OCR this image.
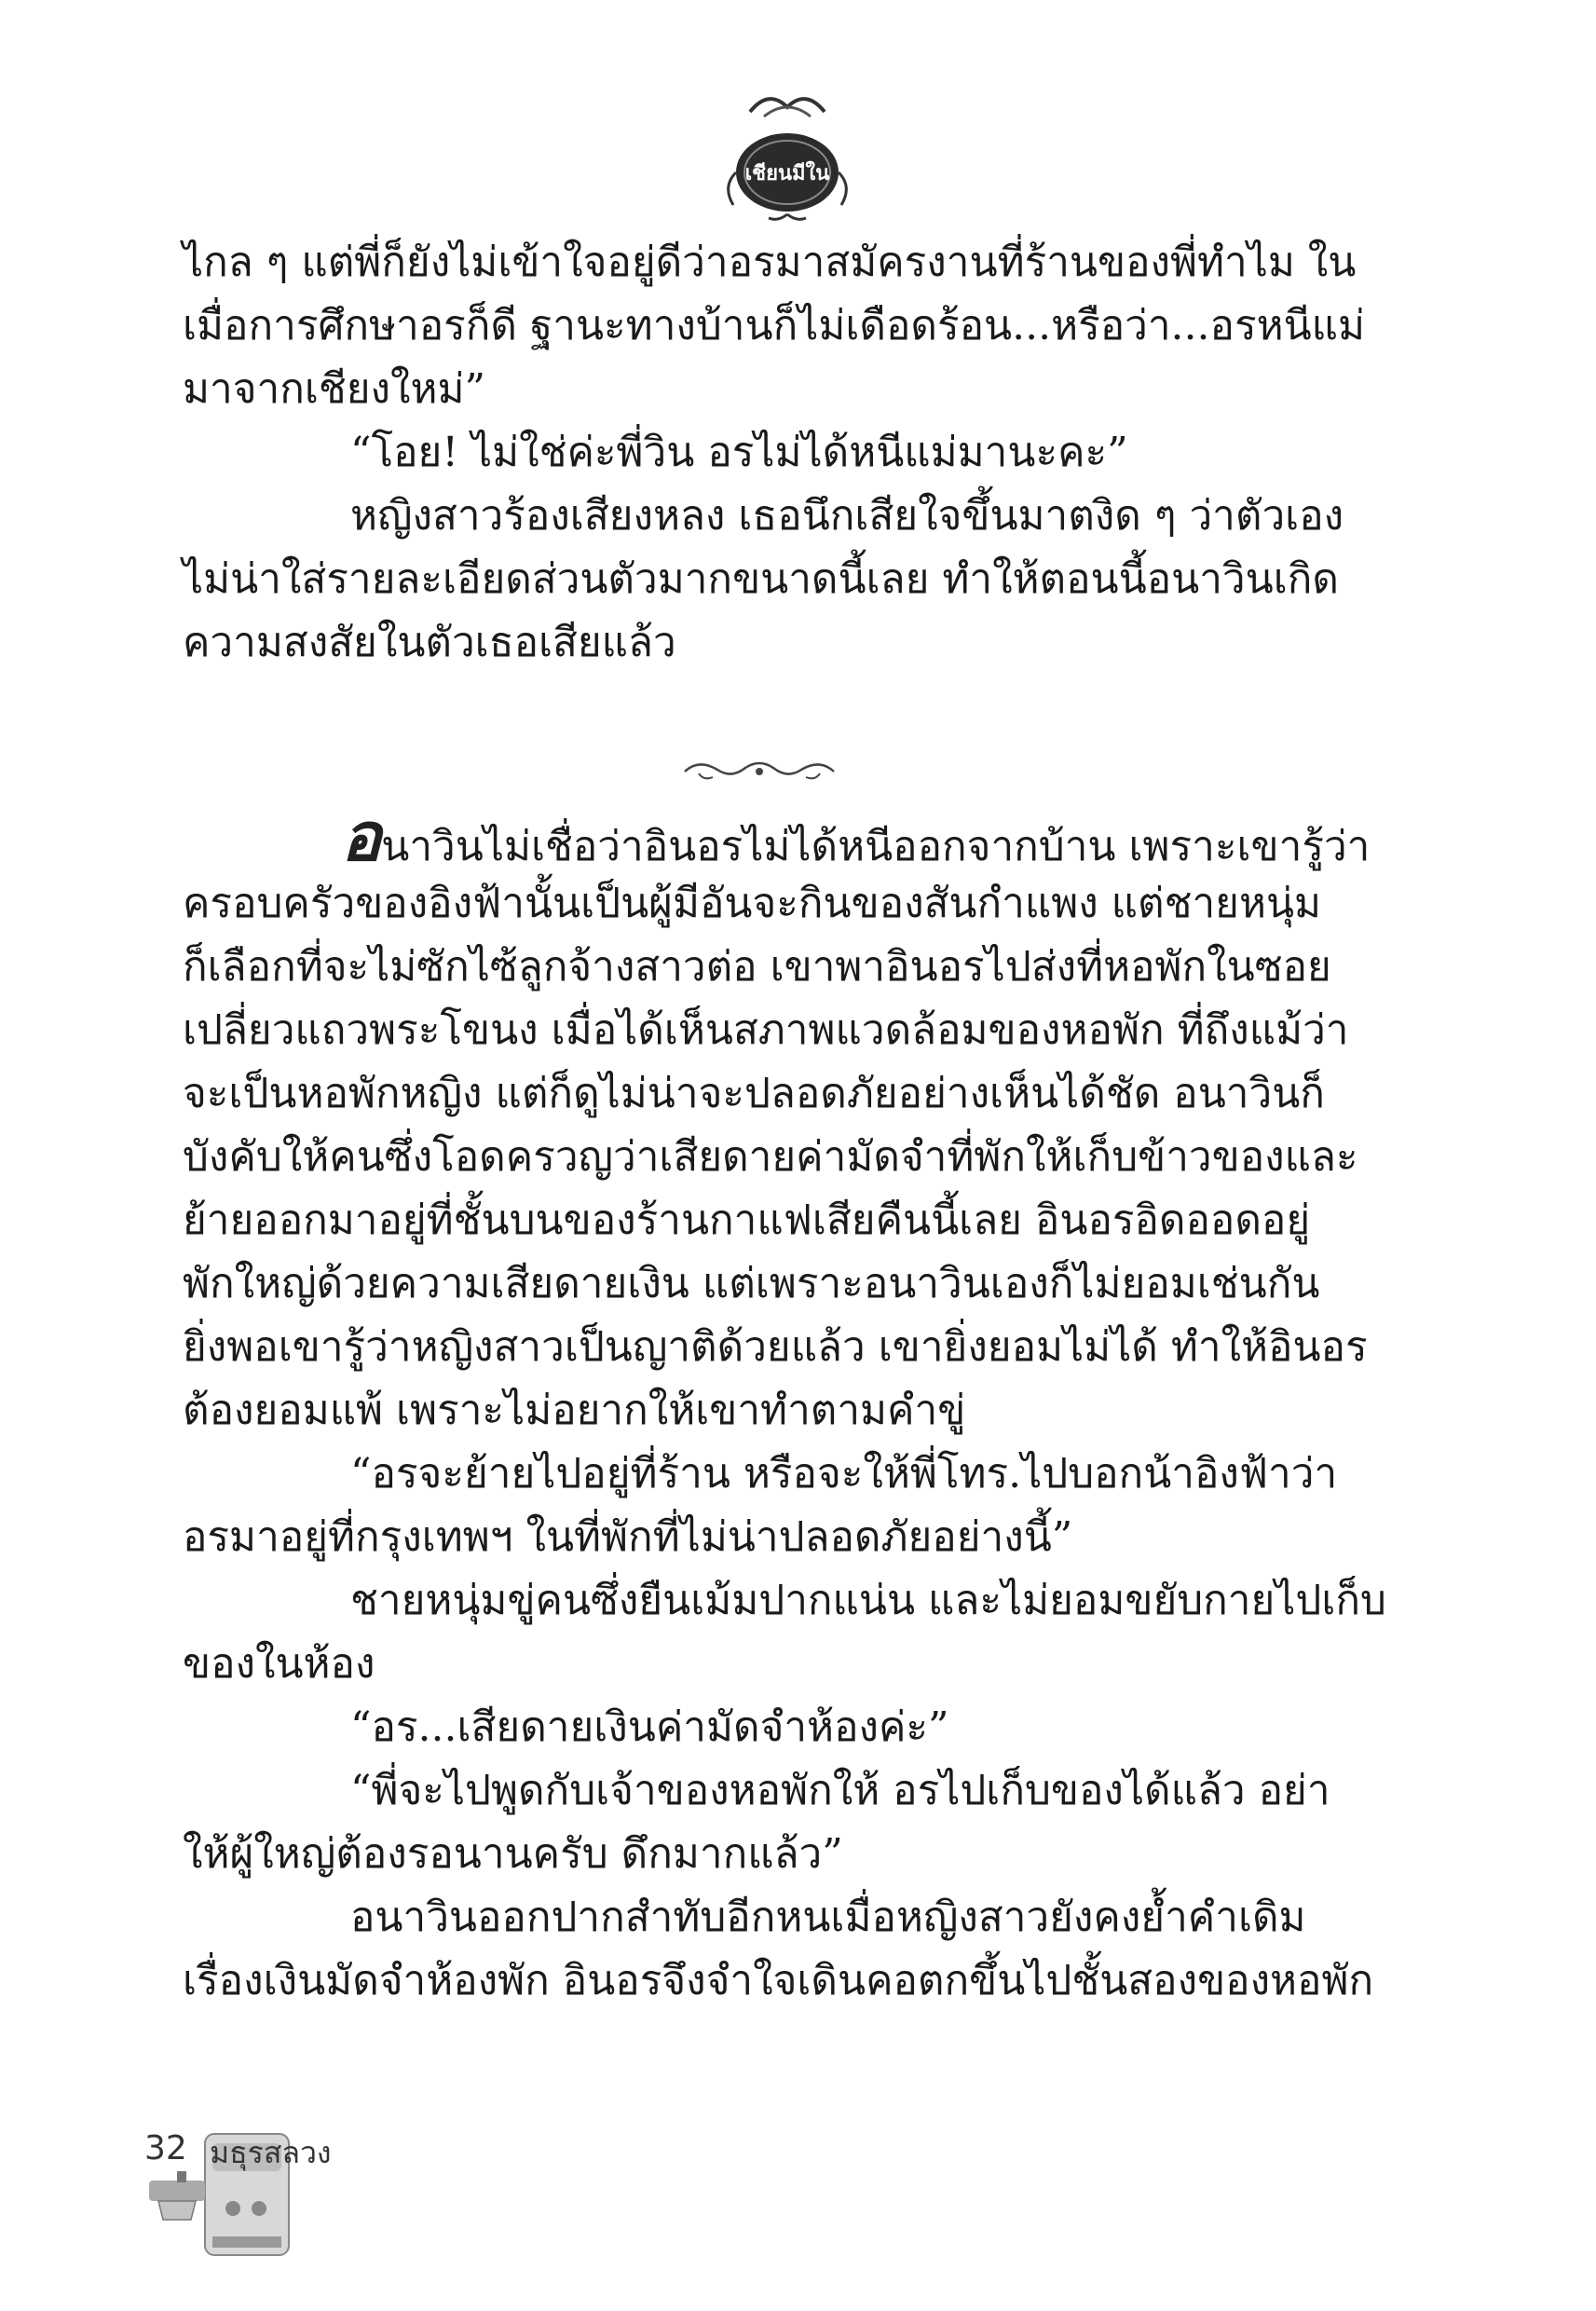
เชียนมีใน
ไกล ๆ แต่พี่ก็ยังไม่เข้าใจอยู่ดีว่าอรมาสมัครงานที่ร้านของพี่ทำไม ใน
เมื่อการศึกษาอรก็ดี ฐานะทางบ้านก็ไม่เดือดร้อน...หรือว่า...อรหนีแม่
มาจากเชียงใหม่”
“โอย! ไม่ใช่ค่ะพี่วิน อรไม่ได้หนีแม่มานะคะ”
หญิงสาวร้องเสียงหลง เธอนึกเสียใจขึ้นมาตงิด ๆ ว่าตัวเอง
ไม่น่าใส่รายละเอียดส่วนตัวมากขนาดนี้เลย ทำให้ตอนนี้อนาวินเกิด
ความสงสัยในตัวเธอเสียแล้ว
อนาวินไม่เชื่อว่าอินอรไม่ได้หนีออกจากบ้าน เพราะเขารู้ว่า
ครอบครัวของอิงฟ้านั้นเป็นผู้มีอันจะกินของสันกำแพง แต่ชายหนุ่ม
ก็เลือกที่จะไม่ซักไซ้ลูกจ้างสาวต่อ เขาพาอินอรไปส่งที่หอพักในซอย
เปลี่ยวแถวพระโขนง เมื่อได้เห็นสภาพแวดล้อมของหอพัก ที่ถึงแม้ว่า
จะเป็นหอพักหญิง แต่ก็ดูไม่น่าจะปลอดภัยอย่างเห็นได้ชัด อนาวินก็
บังคับให้คนซึ่งโอดครวญว่าเสียดายค่ามัดจำที่พักให้เก็บข้าวของและ
ย้ายออกมาอยู่ที่ชั้นบนของร้านกาแฟเสียคืนนี้เลย อินอรอิดออดอยู่
พักใหญ่ด้วยความเสียดายเงิน แต่เพราะอนาวินเองก็ไม่ยอมเช่นกัน
ยิ่งพอเขารู้ว่าหญิงสาวเป็นญาติด้วยแล้ว เขายิ่งยอมไม่ได้ ทำให้อินอร
ต้องยอมแพ้ เพราะไม่อยากให้เขาทำตามคำขู่
“อรจะย้ายไปอยู่ที่ร้าน หรือจะให้พี่โทร.ไปบอกน้าอิงฟ้าว่า
อรมาอยู่ที่กรุงเทพฯ ในที่พักที่ไม่น่าปลอดภัยอย่างนี้”
ชายหนุ่มขู่คนซึ่งยืนเม้มปากแน่น และไม่ยอมขยับกายไปเก็บ
ของในห้อง
“อร...เสียดายเงินค่ามัดจำห้องค่ะ”
“พี่จะไปพูดกับเจ้าของหอพักให้ อรไปเก็บของได้แล้ว อย่า
ให้ผู้ใหญ่ต้องรอนานครับ ดึกมากแล้ว”
อนาวินออกปากสำทับอีกหนเมื่อหญิงสาวยังคงย้ำคำเดิม
เรื่องเงินมัดจำห้องพัก อินอรจึงจำใจเดินคอตกขึ้นไปชั้นสองของหอพัก
32 มธุรสลวง
